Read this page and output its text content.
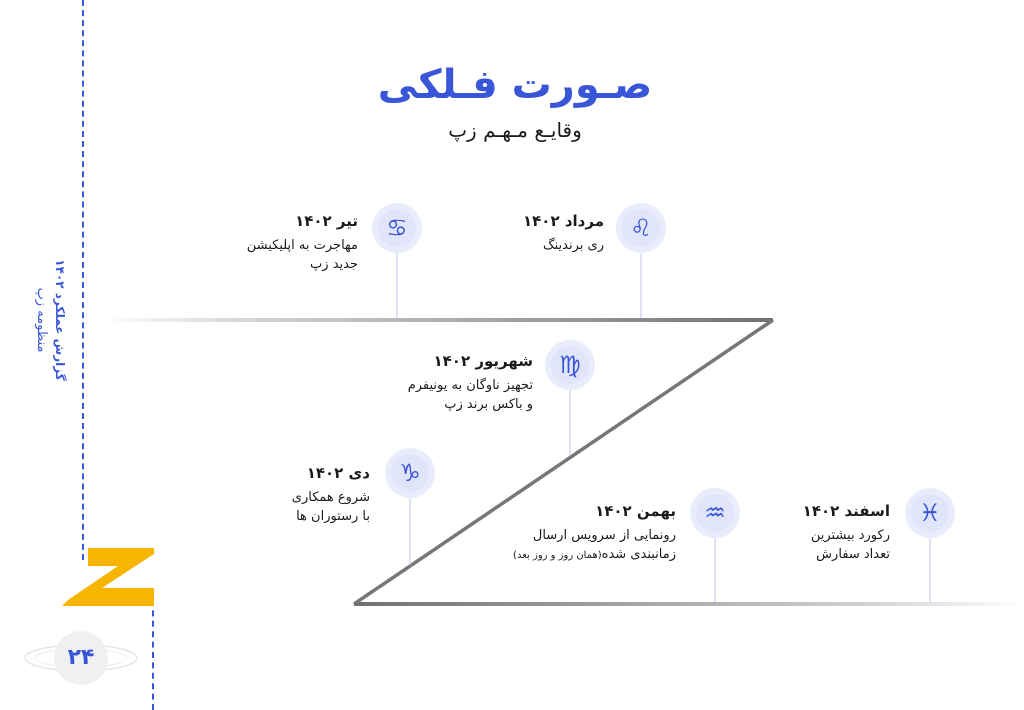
گزارش عملکرد ۱۴۰۲
منظومه زپ
۲۴
صـورت فـلکی
وقایـع مـهـم زپ
♌
♋
♍
♑
♒	♓
مرداد ۱۴۰۲
ری برندینگ
تیر ۱۴۰۲
مهاجرت به اپلیکیشن
جدید زپ
شهریور ۱۴۰۲
تجهیز ناوگان به یونیفرم
و باکس برند زپ
دی ۱۴۰۲
شروع همکاری
با رستوران ها	بهمن ۱۴۰۲
رونمایی از سرویس ارسال
زمانبندی شده(همان روز و روز بعد)
اسفند ۱۴۰۲
رکورد بیشترین
تعداد سفارش
